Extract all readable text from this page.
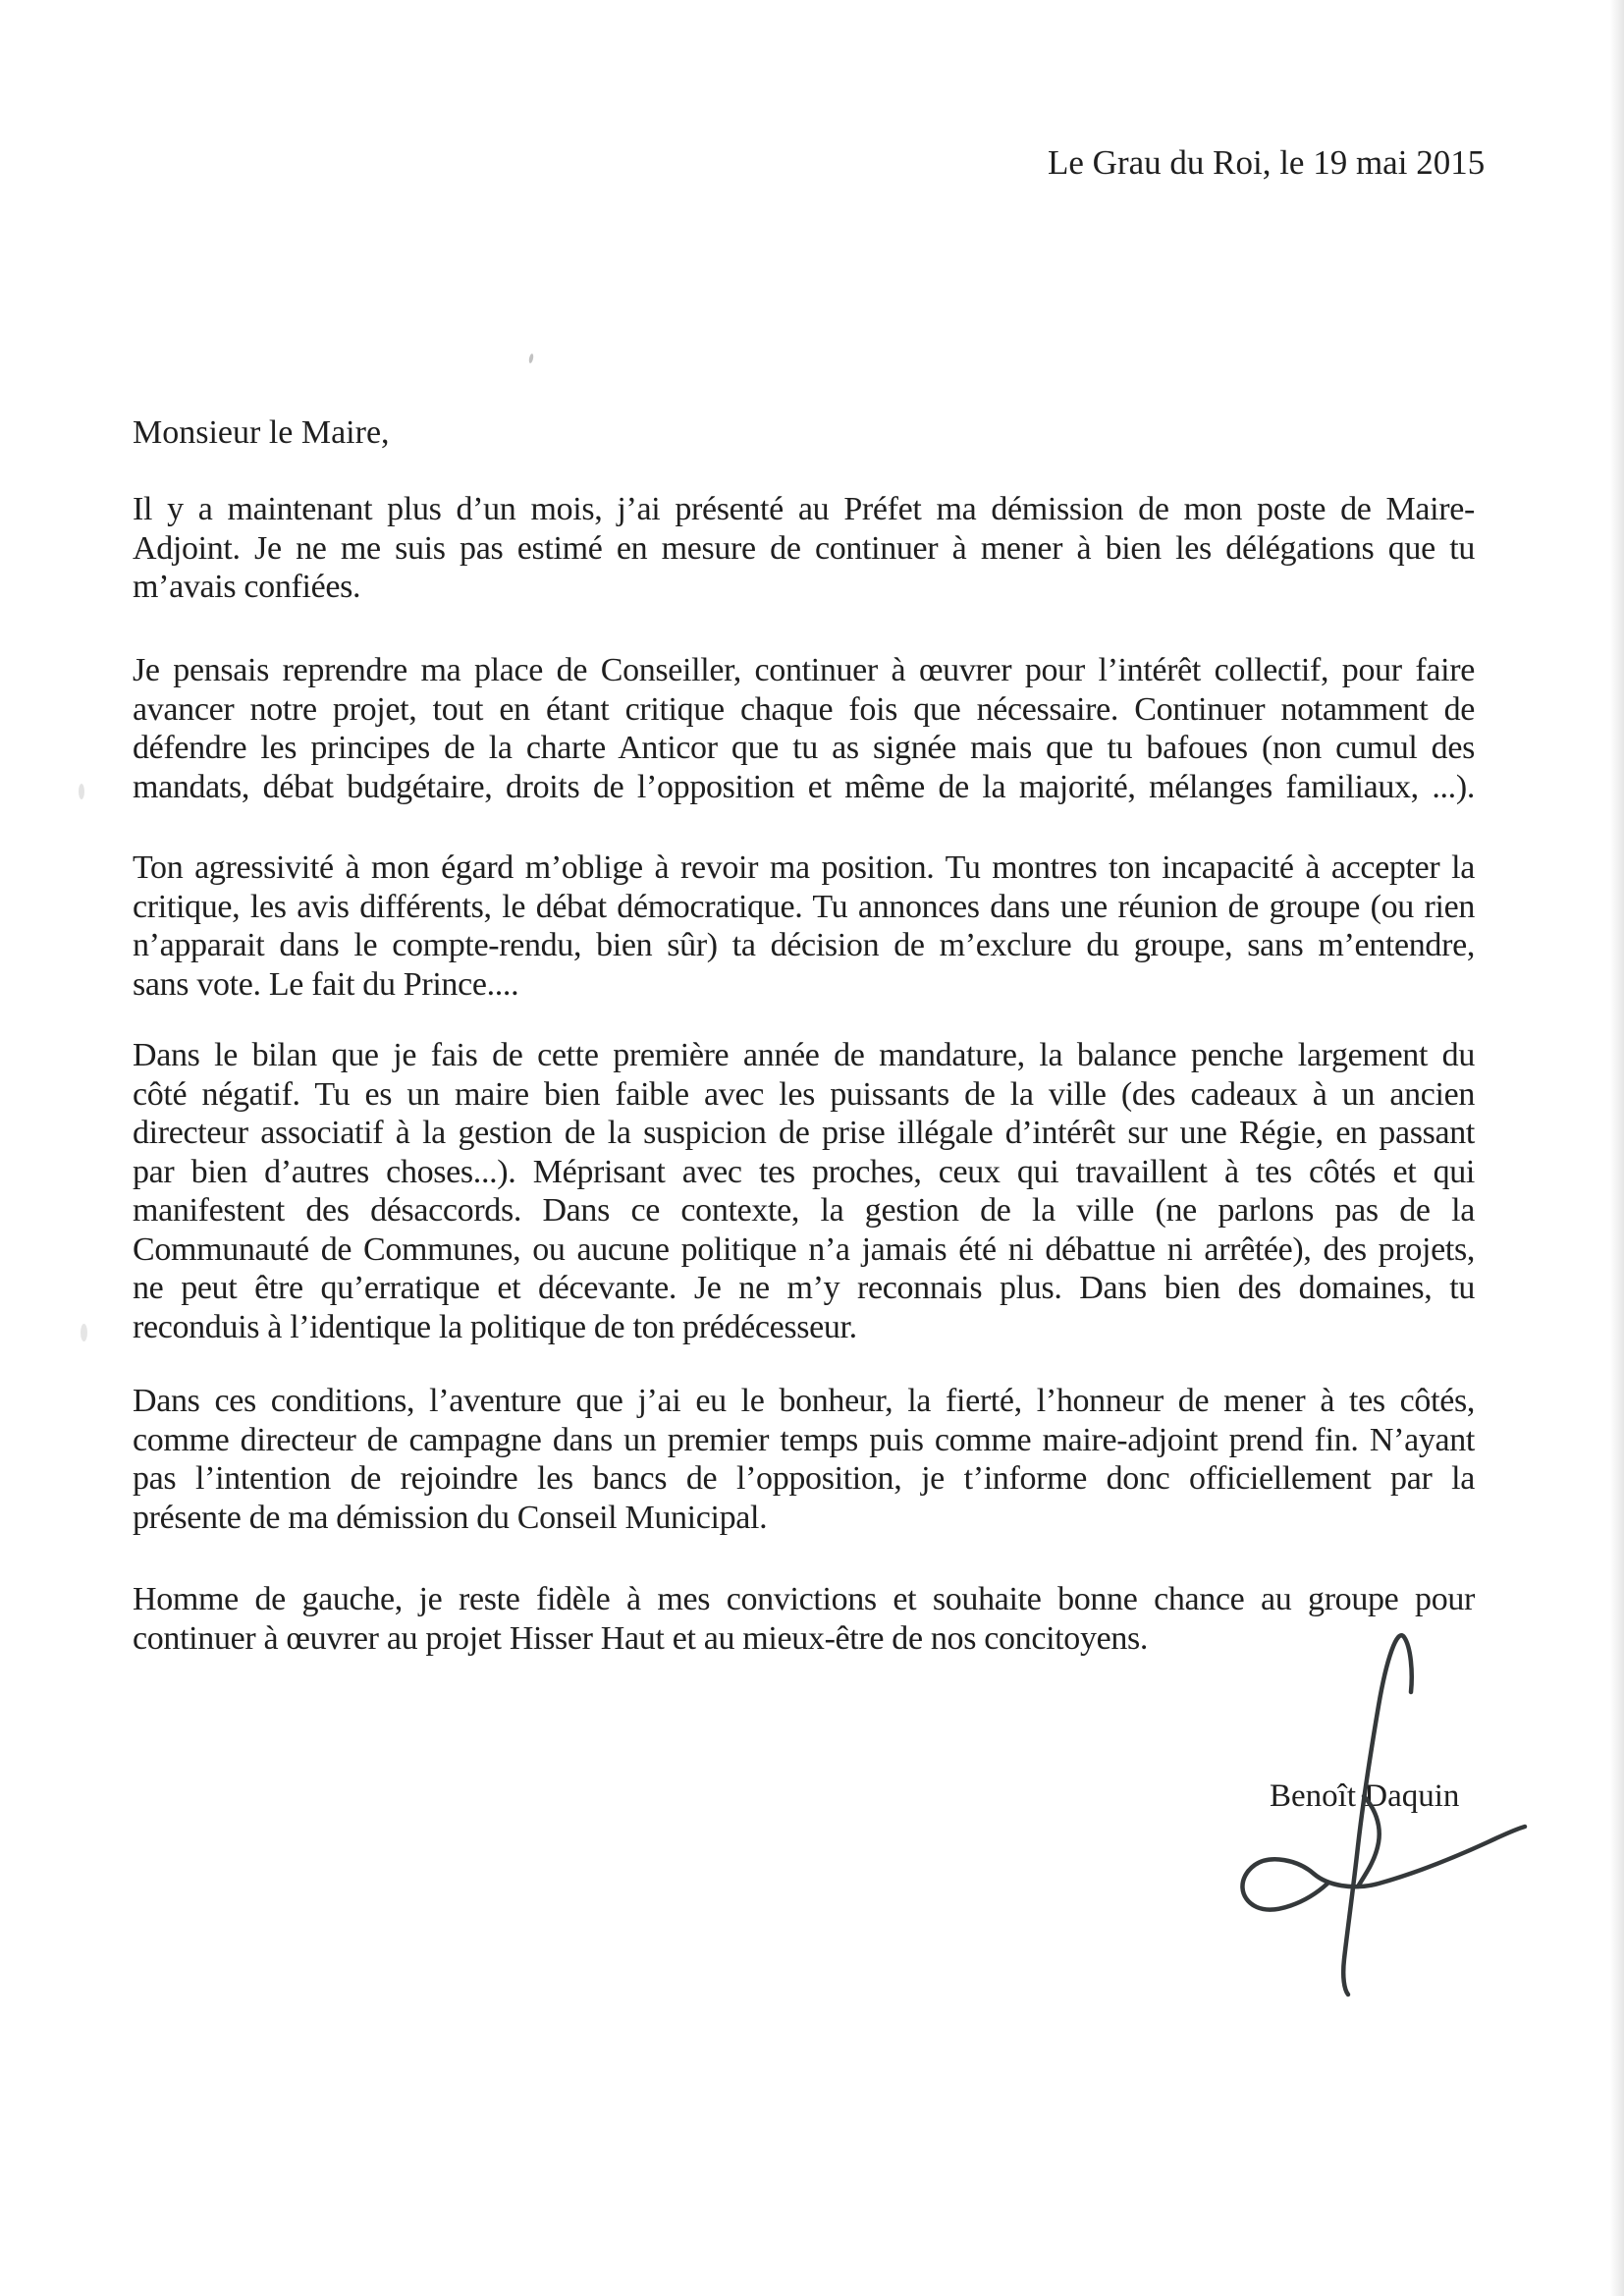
Le Grau du Roi, le 19 mai 2015
Monsieur le Maire,
Il y a maintenant plus d’un mois, j’ai présenté au Préfet ma démission de mon poste de Maire-
Adjoint. Je ne me suis pas estimé en mesure de continuer à mener à bien les délégations que tu
m’avais confiées.
Je pensais reprendre ma place de Conseiller, continuer à œuvrer pour l’intérêt collectif, pour faire
avancer notre projet, tout en étant critique chaque fois que nécessaire. Continuer notamment de
défendre les principes de la charte Anticor que tu as signée mais que tu bafoues (non cumul des
mandats, débat budgétaire, droits de l’opposition et même de la majorité, mélanges familiaux, ...).
Ton agressivité à mon égard m’oblige à revoir ma position. Tu montres ton incapacité à accepter la
critique, les avis différents, le débat démocratique. Tu annonces dans une réunion de groupe (ou rien
n’apparait dans le compte-rendu, bien sûr) ta décision de m’exclure du groupe, sans m’entendre,
sans vote. Le fait du Prince....
Dans le bilan que je fais de cette première année de mandature, la balance penche largement du
côté négatif. Tu es un maire bien faible avec les puissants de la ville (des cadeaux à un ancien
directeur associatif à la gestion de la suspicion de prise illégale d’intérêt sur une Régie, en passant
par bien d’autres choses...). Méprisant avec tes proches, ceux qui travaillent à tes côtés et qui
manifestent des désaccords. Dans ce contexte, la gestion de la ville (ne parlons pas de la
Communauté de Communes, ou aucune politique n’a jamais été ni débattue ni arrêtée), des projets,
ne peut être qu’erratique et décevante. Je ne m’y reconnais plus. Dans bien des domaines, tu
reconduis à l’identique la politique de ton prédécesseur.
Dans ces conditions, l’aventure que j’ai eu le bonheur, la fierté, l’honneur de mener à tes côtés,
comme directeur de campagne dans un premier temps puis comme maire-adjoint prend fin. N’ayant
pas l’intention de rejoindre les bancs de l’opposition, je t’informe donc officiellement par la
présente de ma démission du Conseil Municipal.
Homme de gauche, je reste fidèle à mes convictions et souhaite bonne chance au groupe pour
continuer à œuvrer au projet Hisser Haut et au mieux-être de nos concitoyens.
Benoît Daquin
